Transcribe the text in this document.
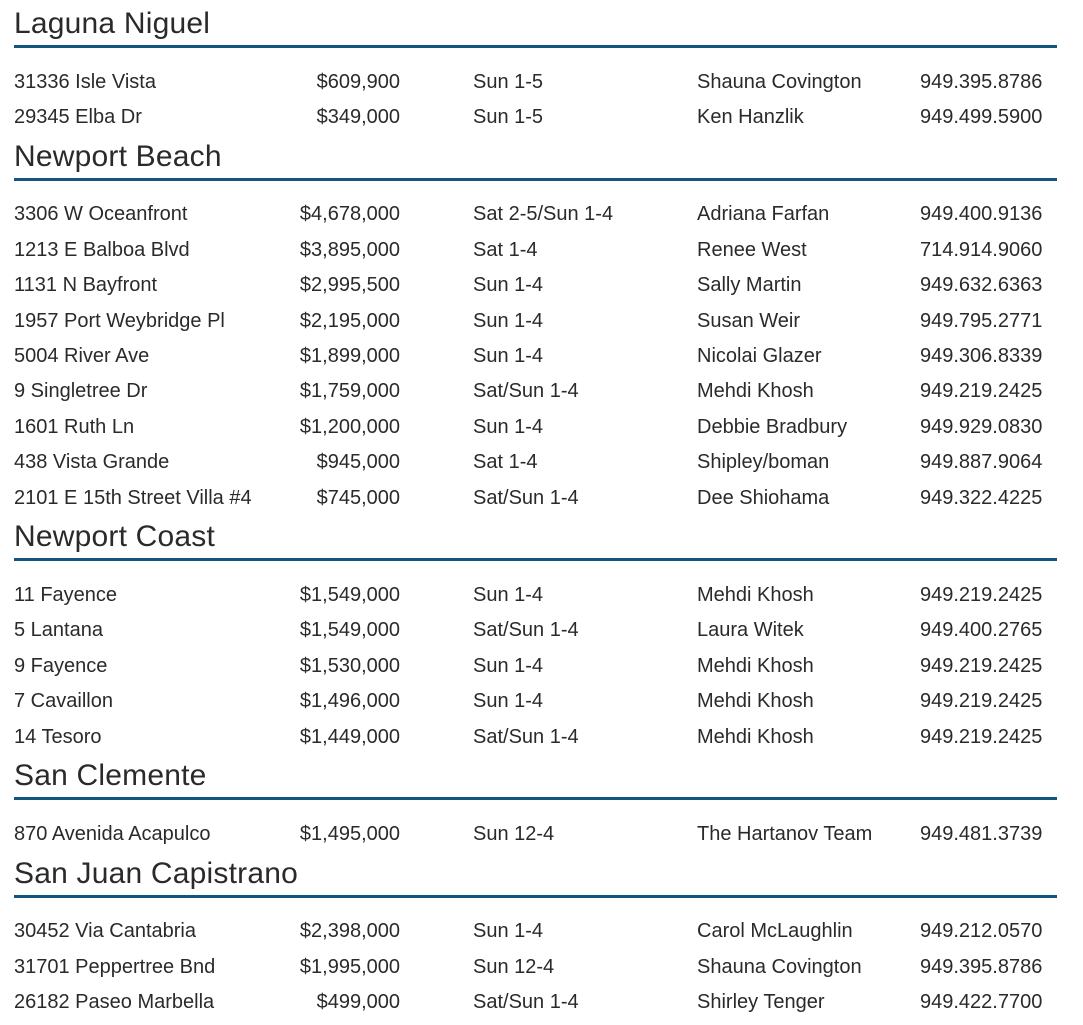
Laguna Niguel
31336 Isle Vista	$609,900	Sun 1-5	Shauna Covington	949.395.8786
29345 Elba Dr	$349,000	Sun 1-5	Ken Hanzlik	949.499.5900
Newport Beach
3306 W Oceanfront	$4,678,000	Sat 2-5/Sun 1-4	Adriana Farfan	949.400.9136
1213 E Balboa Blvd	$3,895,000	Sat 1-4	Renee West	714.914.9060
1131 N Bayfront	$2,995,500	Sun 1-4	Sally Martin	949.632.6363
1957 Port Weybridge Pl	$2,195,000	Sun 1-4	Susan Weir	949.795.2771
5004 River Ave	$1,899,000	Sun 1-4	Nicolai Glazer	949.306.8339
9 Singletree Dr	$1,759,000	Sat/Sun 1-4	Mehdi Khosh	949.219.2425
1601 Ruth Ln	$1,200,000	Sun 1-4	Debbie Bradbury	949.929.0830
438 Vista Grande	$945,000	Sat 1-4	Shipley/boman	949.887.9064
2101 E 15th Street Villa #4	$745,000	Sat/Sun 1-4	Dee Shiohama	949.322.4225
Newport Coast
11 Fayence	$1,549,000	Sun 1-4	Mehdi Khosh	949.219.2425
5 Lantana	$1,549,000	Sat/Sun 1-4	Laura Witek	949.400.2765
9 Fayence	$1,530,000	Sun 1-4	Mehdi Khosh	949.219.2425
7 Cavaillon	$1,496,000	Sun 1-4	Mehdi Khosh	949.219.2425
14 Tesoro	$1,449,000	Sat/Sun 1-4	Mehdi Khosh	949.219.2425
San Clemente
870 Avenida Acapulco	$1,495,000	Sun 12-4	The Hartanov Team	949.481.3739
San Juan Capistrano
30452 Via Cantabria	$2,398,000	Sun 1-4	Carol McLaughlin	949.212.0570
31701 Peppertree Bnd	$1,995,000	Sun 12-4	Shauna Covington	949.395.8786
26182 Paseo Marbella	$499,000	Sat/Sun 1-4	Shirley Tenger	949.422.7700
